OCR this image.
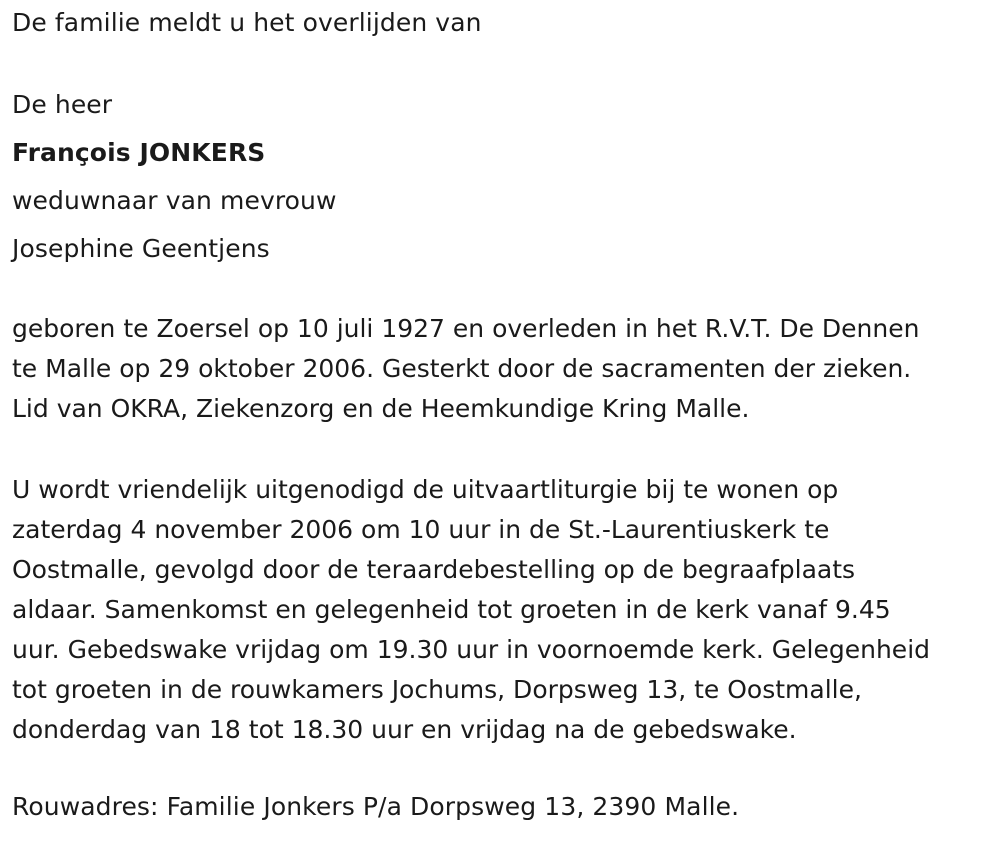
De familie meldt u het overlijden van
De heer
François JONKERS
weduwnaar van mevrouw
Josephine Geentjens
geboren te Zoersel op 10 juli 1927 en overleden in het R.V.T. De Dennen
te Malle op 29 oktober 2006. Gesterkt door de sacramenten der zieken.
Lid van OKRA, Ziekenzorg en de Heemkundige Kring Malle.
U wordt vriendelijk uitgenodigd de uitvaartliturgie bij te wonen op
zaterdag 4 november 2006 om 10 uur in de St.-Laurentiuskerk te
Oostmalle, gevolgd door de teraardebestelling op de begraafplaats
aldaar. Samenkomst en gelegenheid tot groeten in de kerk vanaf 9.45
uur. Gebedswake vrijdag om 19.30 uur in voornoemde kerk. Gelegenheid
tot groeten in de rouwkamers Jochums, Dorpsweg 13, te Oostmalle,
donderdag van 18 tot 18.30 uur en vrijdag na de gebedswake.
Rouwadres: Familie Jonkers P/a Dorpsweg 13, 2390 Malle.
